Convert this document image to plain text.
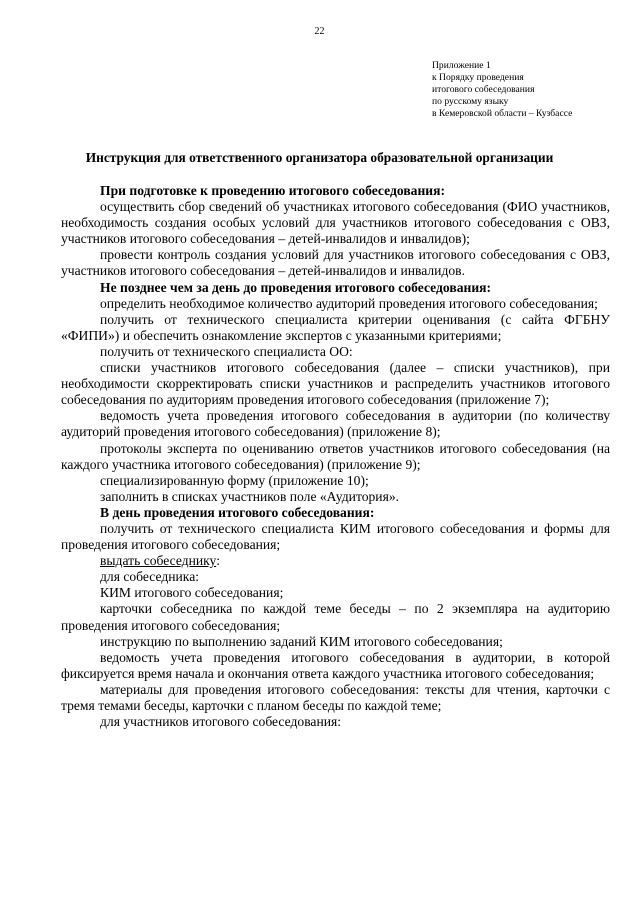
22
Приложение 1
к Порядку проведения
итогового собеседования
по русскому языку
в Кемеровской области – Кузбассе
Инструкция для ответственного организатора образовательной организации

При подготовке к проведению итогового собеседования:

осуществить сбор сведений об участниках итогового собеседования (ФИО участников, необходимость создания особых условий для участников итогового собеседования с ОВЗ, участников итогового собеседования – детей-инвалидов и инвалидов);

провести контроль создания условий для участников итогового собеседования с ОВЗ, участников итогового собеседования – детей-инвалидов и инвалидов.

Не позднее чем за день до проведения итогового собеседования:

определить необходимое количество аудиторий проведения итогового собеседования;

получить от технического специалиста критерии оценивания (с сайта ФГБНУ «ФИПИ») и обеспечить ознакомление экспертов с указанными критериями;

получить от технического специалиста ОО:

списки участников итогового собеседования (далее – списки участников), при необходимости скорректировать списки участников и распределить участников итогового собеседования по аудиториям проведения итогового собеседования (приложение 7);

ведомость учета проведения итогового собеседования в аудитории (по количеству аудиторий проведения итогового собеседования) (приложение 8);

протоколы эксперта по оцениванию ответов участников итогового собеседования (на каждого участника итогового собеседования) (приложение 9);

специализированную форму (приложение 10);

заполнить в списках участников поле «Аудитория».

В день проведения итогового собеседования:

получить от технического специалиста КИМ итогового собеседования и формы для проведения итогового собеседования;

выдать собеседнику:

для собеседника:

КИМ итогового собеседования;

карточки собеседника по каждой теме беседы – по 2 экземпляра на аудиторию проведения итогового собеседования;

инструкцию по выполнению заданий КИМ итогового собеседования;

ведомость учета проведения итогового собеседования в аудитории, в которой фиксируется время начала и окончания ответа каждого участника итогового собеседования;

материалы для проведения итогового собеседования: тексты для чтения, карточки с тремя темами беседы, карточки с планом беседы по каждой теме;

для участников итогового собеседования:
